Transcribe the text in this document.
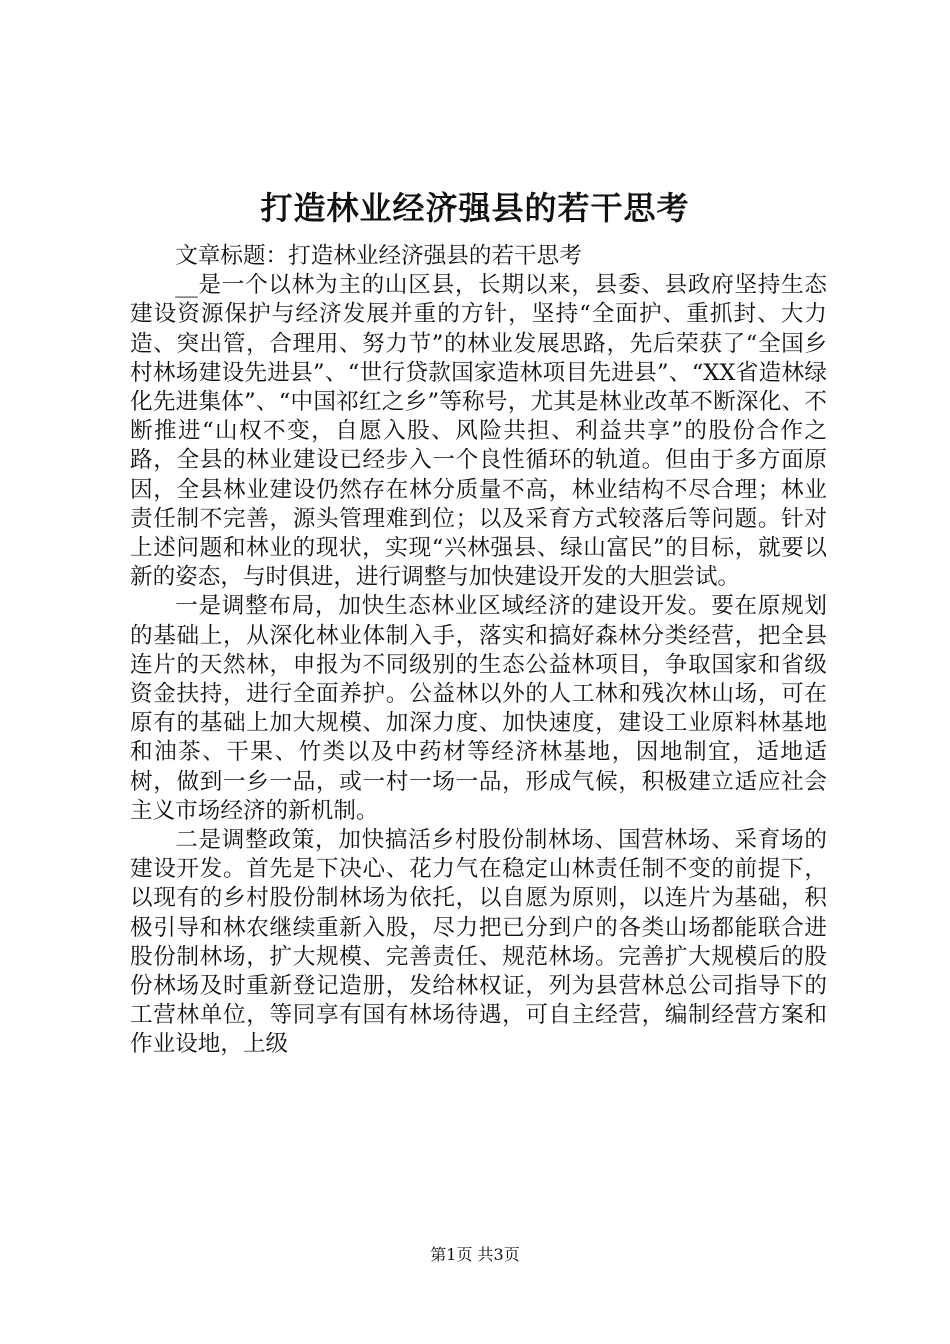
打造林业经济强县的若干思考

文章标题：打造林业经济强县的若干思考

__是一个以林为主的山区县，长期以来，县委、县政府坚持生态建设资源保护与经济发展并重的方针，坚持“全面护、重抓封、大力造、突出管，合理用、努力节”的林业发展思路，先后荣获了“全国乡村林场建设先进县”、“世行贷款国家造林项目先进县”、“XX省造林绿化先进集体”、“中国祁红之乡”等称号，尤其是林业改革不断深化、不断推进“山权不变，自愿入股、风险共担、利益共享”的股份合作之路，全县的林业建设已经步入一个良性循环的轨道。但由于多方面原因，全县林业建设仍然存在林分质量不高，林业结构不尽合理；林业责任制不完善，源头管理难到位；以及采育方式较落后等问题。针对上述问题和林业的现状，实现“兴林强县、绿山富民”的目标，就要以新的姿态，与时俱进，进行调整与加快建设开发的大胆尝试。

一是调整布局，加快生态林业区域经济的建设开发。要在原规划的基础上，从深化林业体制入手，落实和搞好森林分类经营，把全县连片的天然林，申报为不同级别的生态公益林项目，争取国家和省级资金扶持，进行全面养护。公益林以外的人工林和残次林山场，可在原有的基础上加大规模、加深力度、加快速度，建设工业原料林基地和油茶、干果、竹类以及中药材等经济林基地，因地制宜，适地适树，做到一乡一品，或一村一场一品，形成气候，积极建立适应社会主义市场经济的新机制。

二是调整政策，加快搞活乡村股份制林场、国营林场、采育场的建设开发。首先是下决心、花力气在稳定山林责任制不变的前提下，以现有的乡村股份制林场为依托，以自愿为原则，以连片为基础，积极引导和林农继续重新入股，尽力把已分到户的各类山场都能联合进股份制林场，扩大规模、完善责任、规范林场。完善扩大规模后的股份林场及时重新登记造册，发给林权证，列为县营林总公司指导下的工营林单位，等同享有国有林场待遇，可自主经营，编制经营方案和作业设地，上级

第1页 共3页
